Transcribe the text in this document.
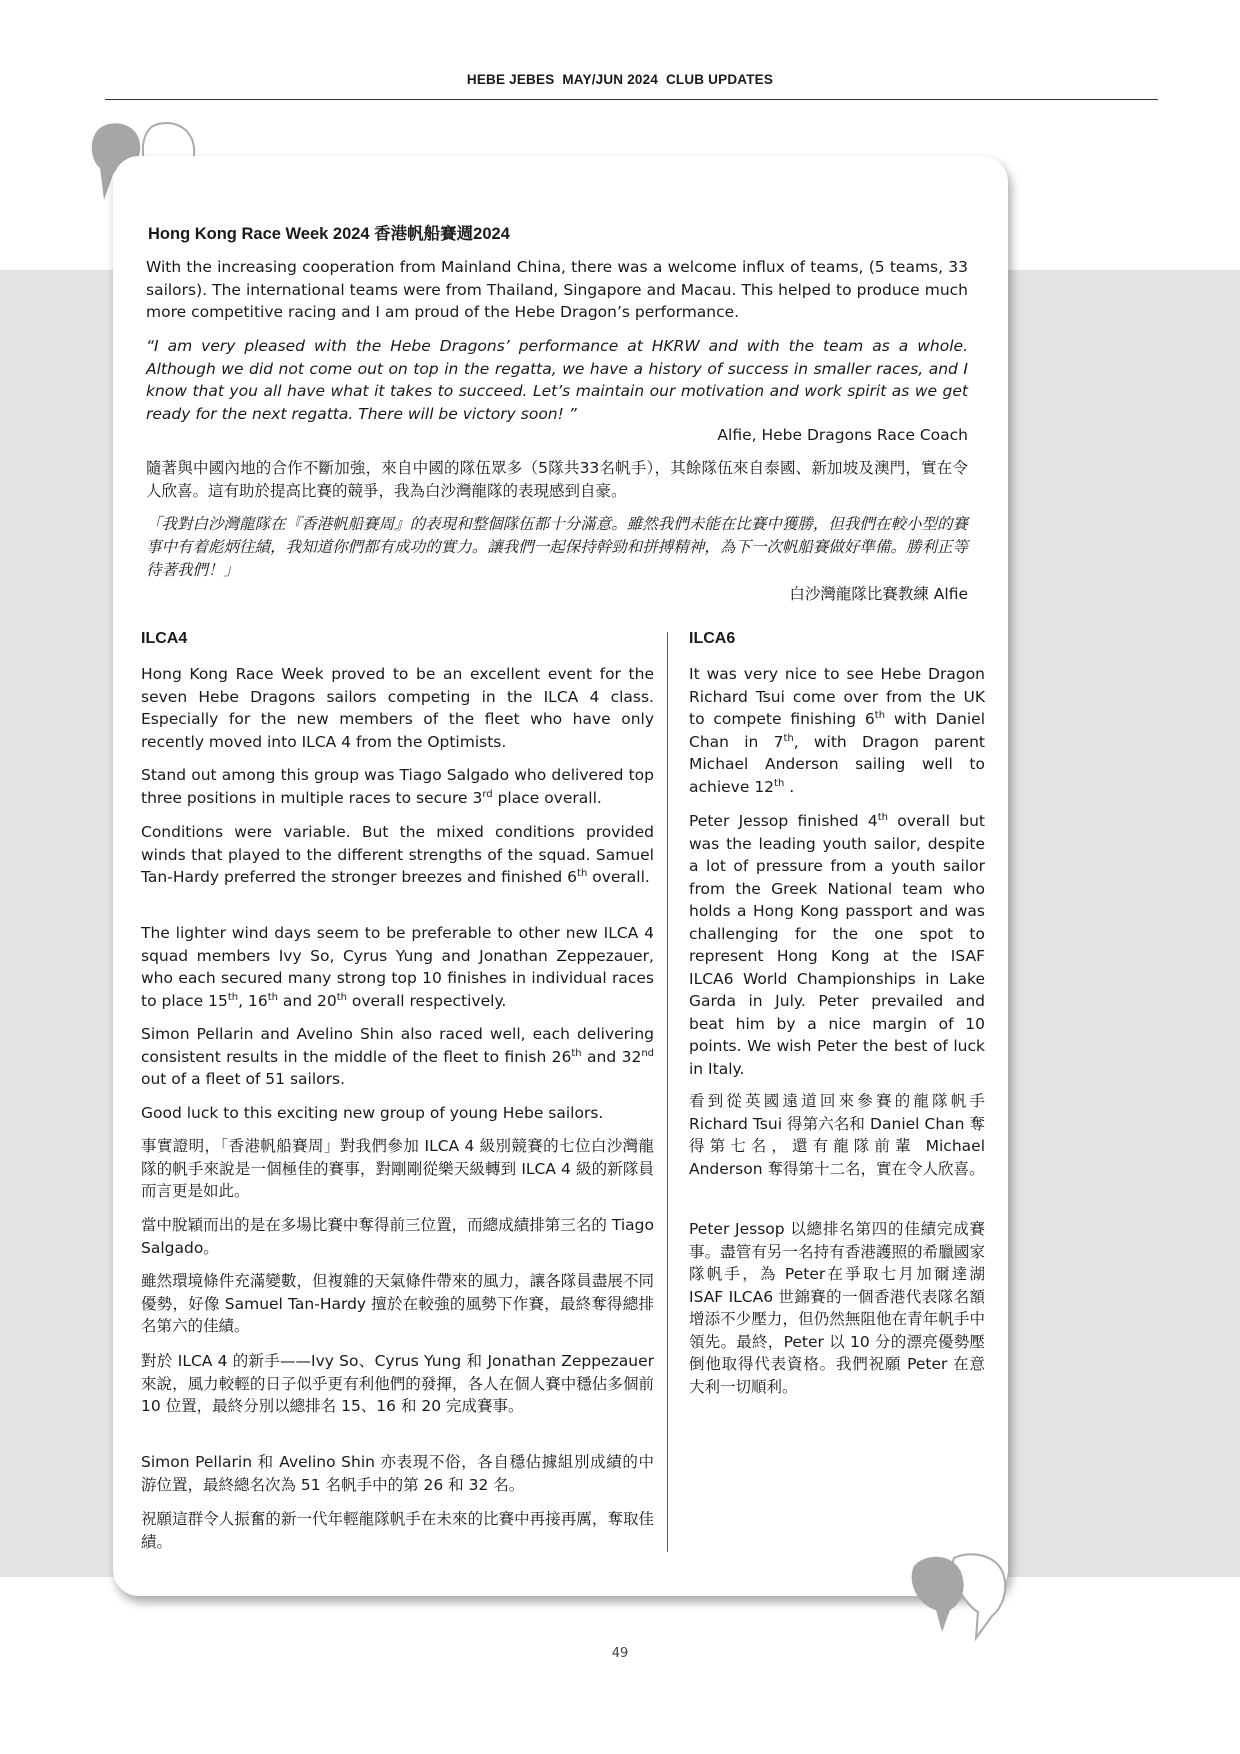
HEBE JEBES MAY/JUN 2024 CLUB UPDATES
Hong Kong Race Week 2024 香港帆船賽週2024

With the increasing cooperation from Mainland China, there was a welcome influx of teams, (5 teams, 33 sailors). The international teams were from Thailand, Singapore and Macau. This helped to produce much more competitive racing and I am proud of the Hebe Dragon’s performance.

“I am very pleased with the Hebe Dragons’ performance at HKRW and with the team as a whole. Although we did not come out on top in the regatta, we have a history of success in smaller races, and I know that you all have what it takes to succeed. Let’s maintain our motivation and work spirit as we get ready for the next regatta. There will be victory soon! ”

Alfie, Hebe Dragons Race Coach

隨著與中國內地的合作不斷加強，來自中國的隊伍眾多（5隊共33名帆手），其餘隊伍來自泰國、新加坡及澳門，實在令人欣喜。這有助於提高比賽的競爭，我為白沙灣龍隊的表現感到自豪。

「我對白沙灣龍隊在『香港帆船賽周』的表現和整個隊伍都十分滿意。雖然我們未能在比賽中獲勝，但我們在較小型的賽事中有着彪炳往績，我知道你們都有成功的實力。讓我們一起保持幹勁和拼搏精神，為下一次帆船賽做好準備。勝利正等待著我們！」

白沙灣龍隊比賽教練 Alfie

ILCA4

Hong Kong Race Week proved to be an excellent event for the seven Hebe Dragons sailors competing in the ILCA 4 class. Especially for the new members of the fleet who have only recently moved into ILCA 4 from the Optimists.

Stand out among this group was Tiago Salgado who delivered top three positions in multiple races to secure 3rd place overall.

Conditions were variable. But the mixed conditions provided winds that played to the different strengths of the squad. Samuel Tan-Hardy preferred the stronger breezes and finished 6th overall.

The lighter wind days seem to be preferable to other new ILCA 4 squad members Ivy So, Cyrus Yung and Jonathan Zeppezauer, who each secured many strong top 10 finishes in individual races to place 15th, 16th and 20th overall respectively.

Simon Pellarin and Avelino Shin also raced well, each delivering consistent results in the middle of the fleet to finish 26th and 32nd out of a fleet of 51 sailors.

Good luck to this exciting new group of young Hebe sailors.

事實證明，「香港帆船賽周」對我們參加 ILCA 4 級別競賽的七位白沙灣龍隊的帆手來說是一個極佳的賽事，對剛剛從樂天級轉到 ILCA 4 級的新隊員而言更是如此。

當中脫穎而出的是在多場比賽中奪得前三位置，而總成績排第三名的 Tiago Salgado。

雖然環境條件充滿變數，但複雜的天氣條件帶來的風力，讓各隊員盡展不同優勢，好像 Samuel Tan-Hardy 擅於在較強的風勢下作賽，最終奪得總排名第六的佳績。

對於 ILCA 4 的新手——Ivy So、Cyrus Yung 和 Jonathan Zeppezauer 來說，風力較輕的日子似乎更有利他們的發揮，各人在個人賽中穩佔多個前 10 位置，最終分別以總排名 15、16 和 20 完成賽事。

Simon Pellarin 和 Avelino Shin 亦表現不俗，各自穩佔據組別成績的中游位置，最終總名次為 51 名帆手中的第 26 和 32 名。

祝願這群令人振奮的新一代年輕龍隊帆手在未來的比賽中再接再厲，奪取佳績。

ILCA6

It was very nice to see Hebe Dragon Richard Tsui come over from the UK to compete finishing 6th with Daniel Chan in 7th, with Dragon parent Michael Anderson sailing well to achieve 12th .

Peter Jessop finished 4th overall but was the leading youth sailor, despite a lot of pressure from a youth sailor from the Greek National team who holds a Hong Kong passport and was challenging for the one spot to represent Hong Kong at the ISAF ILCA6 World Championships in Lake Garda in July. Peter prevailed and beat him by a nice margin of 10 points. We wish Peter the best of luck in Italy.

看到從英國遠道回來參賽的龍隊帆手 Richard Tsui 得第六名和 Daniel Chan 奪得第七名，還有龍隊前輩 Michael Anderson 奪得第十二名，實在令人欣喜。

Peter Jessop 以總排名第四的佳績完成賽事。盡管有另一名持有香港護照的希臘國家隊帆手，為 Peter在爭取七月加爾達湖 ISAF ILCA6 世錦賽的一個香港代表隊名額增添不少壓力，但仍然無阻他在青年帆手中領先。最終，Peter 以 10 分的漂亮優勢壓倒他取得代表資格。我們祝願 Peter 在意大利一切順利。

49
